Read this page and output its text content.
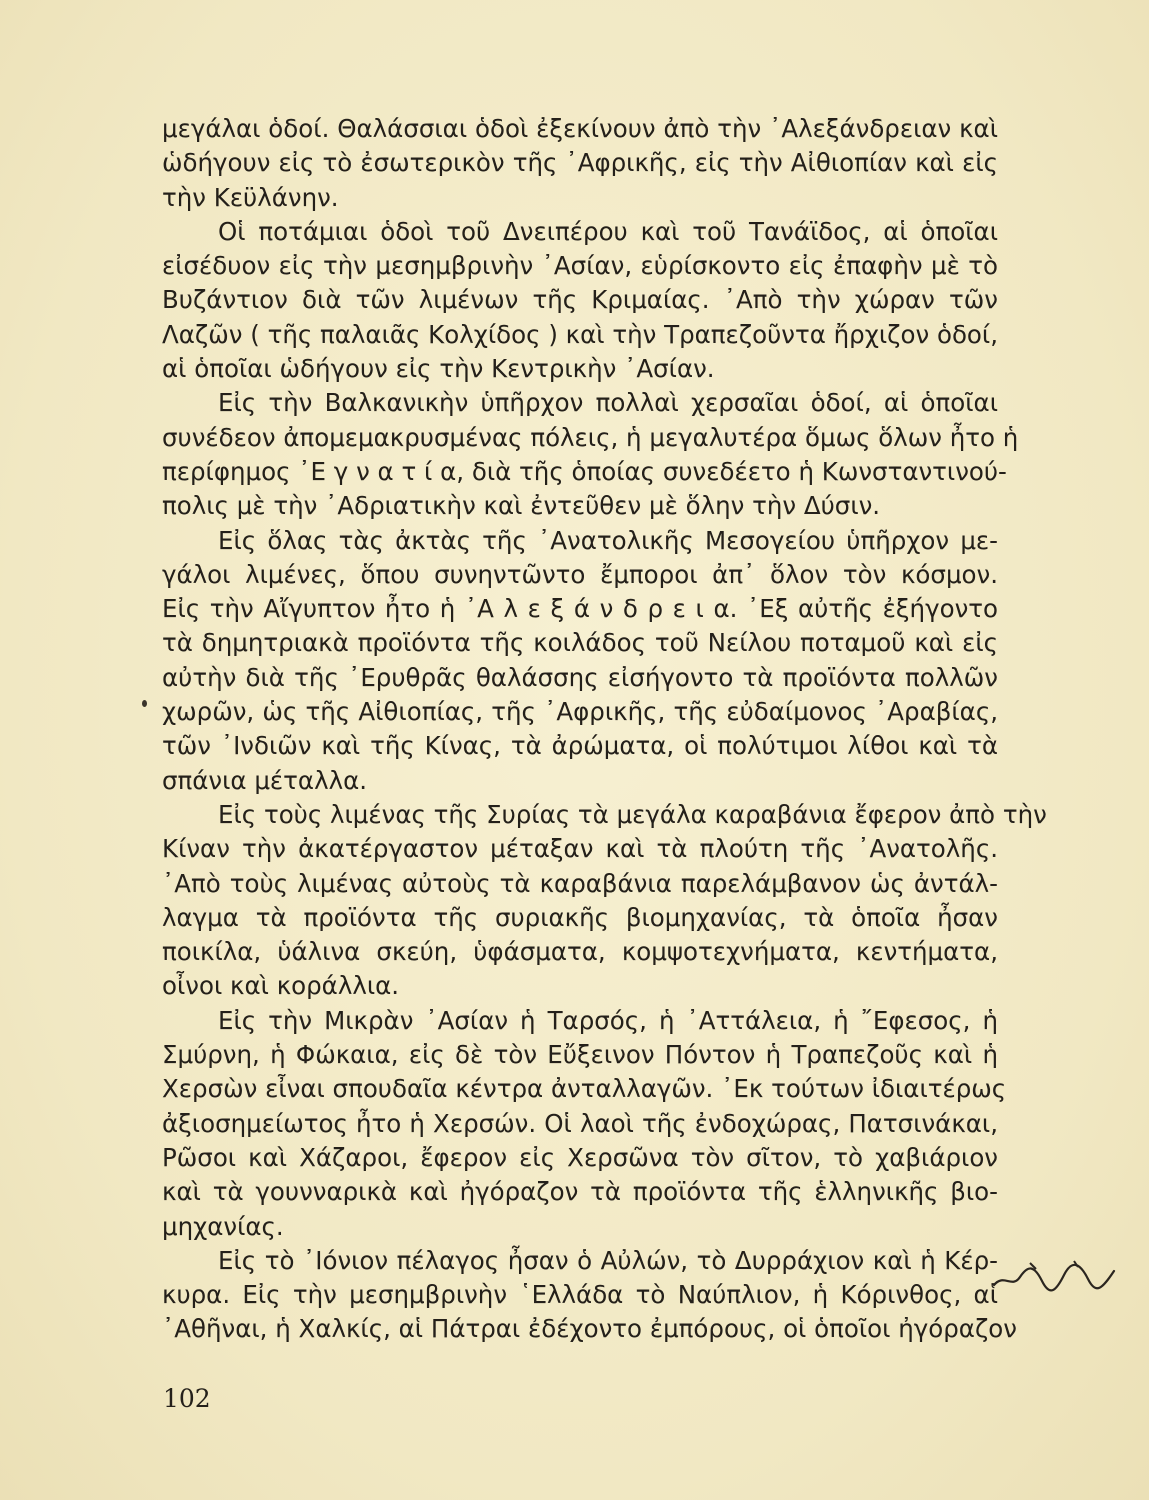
μεγάλαι ὁδοί. Θαλάσσιαι ὁδοὶ ἐξεκίνουν ἀπὸ τὴν ᾿Αλεξάνδρειαν καὶ
ὡδήγουν εἰς τὸ ἐσωτερικὸν τῆς ᾿Αφρικῆς, εἰς τὴν Αἰθιοπίαν καὶ εἰς
τὴν Κεϋλάνην.
Οἱ ποτάμιαι ὁδοὶ τοῦ Δνειπέρου καὶ τοῦ Τανάϊδος, αἱ ὁποῖαι
εἰσέδυον εἰς τὴν μεσημβρινὴν ᾿Ασίαν, εὑρίσκοντο εἰς ἐπαφὴν μὲ τὸ
Βυζάντιον διὰ τῶν λιμένων τῆς Κριμαίας. ᾿Απὸ τὴν χώραν τῶν
Λαζῶν ( τῆς παλαιᾶς Κολχίδος ) καὶ τὴν Τραπεζοῦντα ἤρχιζον ὁδοί,
αἱ ὁποῖαι ὡδήγουν εἰς τὴν Κεντρικὴν ᾿Ασίαν.
Εἰς τὴν Βαλκανικὴν ὑπῆρχον πολλαὶ χερσαῖαι ὁδοί, αἱ ὁποῖαι
συνέδεον ἀπομεμακρυσμένας πόλεις, ἡ μεγαλυτέρα ὅμως ὅλων ἦτο ἡ
περίφημος ᾿Ε γ ν α τ ί α, διὰ τῆς ὁποίας συνεδέετο ἡ Κωνσταντινού-
πολις μὲ τὴν ᾿Αδριατικὴν καὶ ἐντεῦθεν μὲ ὅλην τὴν Δύσιν.
Εἰς ὅλας τὰς ἀκτὰς τῆς ᾿Ανατολικῆς Μεσογείου ὑπῆρχον με-
γάλοι λιμένες, ὅπου συνηντῶντο ἔμποροι ἀπ᾿ ὅλον τὸν κόσμον.
Εἰς τὴν Αἴγυπτον ἦτο ἡ ᾿Α λ ε ξ ά ν δ ρ ε ι α. ᾿Εξ αὐτῆς ἐξήγοντο
τὰ δημητριακὰ προϊόντα τῆς κοιλάδος τοῦ Νείλου ποταμοῦ καὶ εἰς
αὐτὴν διὰ τῆς ᾿Ερυθρᾶς θαλάσσης εἰσήγοντο τὰ προϊόντα πολλῶν
χωρῶν, ὡς τῆς Αἰθιοπίας, τῆς ᾿Αφρικῆς, τῆς εὐδαίμονος ᾿Αραβίας,
τῶν ᾿Ινδιῶν καὶ τῆς Κίνας, τὰ ἀρώματα, οἱ πολύτιμοι λίθοι καὶ τὰ
σπάνια μέταλλα.
Εἰς τοὺς λιμένας τῆς Συρίας τὰ μεγάλα καραβάνια ἔφερον ἀπὸ τὴν
Κίναν τὴν ἀκατέργαστον μέταξαν καὶ τὰ πλούτη τῆς ᾿Ανατολῆς.
᾿Απὸ τοὺς λιμένας αὐτοὺς τὰ καραβάνια παρελάμβανον ὡς ἀντάλ-
λαγμα τὰ προϊόντα τῆς συριακῆς βιομηχανίας, τὰ ὁποῖα ἦσαν
ποικίλα, ὑάλινα σκεύη, ὑφάσματα, κομψοτεχνήματα, κεντήματα,
οἶνοι καὶ κοράλλια.
Εἰς τὴν Μικρὰν ᾿Ασίαν ἡ Ταρσός, ἡ ᾿Αττάλεια, ἡ ῎Εφεσος, ἡ
Σμύρνη, ἡ Φώκαια, εἰς δὲ τὸν Εὔξεινον Πόντον ἡ Τραπεζοῦς καὶ ἡ
Χερσὼν εἶναι σπουδαῖα κέντρα ἀνταλλαγῶν. ᾿Εκ τούτων ἰδιαιτέρως
ἀξιοσημείωτος ἦτο ἡ Χερσών. Οἱ λαοὶ τῆς ἐνδοχώρας, Πατσινάκαι,
Ρῶσοι καὶ Χάζαροι, ἔφερον εἰς Χερσῶνα τὸν σῖτον, τὸ χαβιάριον
καὶ τὰ γουνναρικὰ καὶ ἠγόραζον τὰ προϊόντα τῆς ἑλληνικῆς βιο-
μηχανίας.
Εἰς τὸ ᾿Ιόνιον πέλαγος ἦσαν ὁ Αὐλών, τὸ Δυρράχιον καὶ ἡ Κέρ-
κυρα. Εἰς τὴν μεσημβρινὴν ῾Ελλάδα τὸ Ναύπλιον, ἡ Κόρινθος, αἱ
᾿Αθῆναι, ἡ Χαλκίς, αἱ Πάτραι ἐδέχοντο ἐμπόρους, οἱ ὁποῖοι ἠγόραζον
102
